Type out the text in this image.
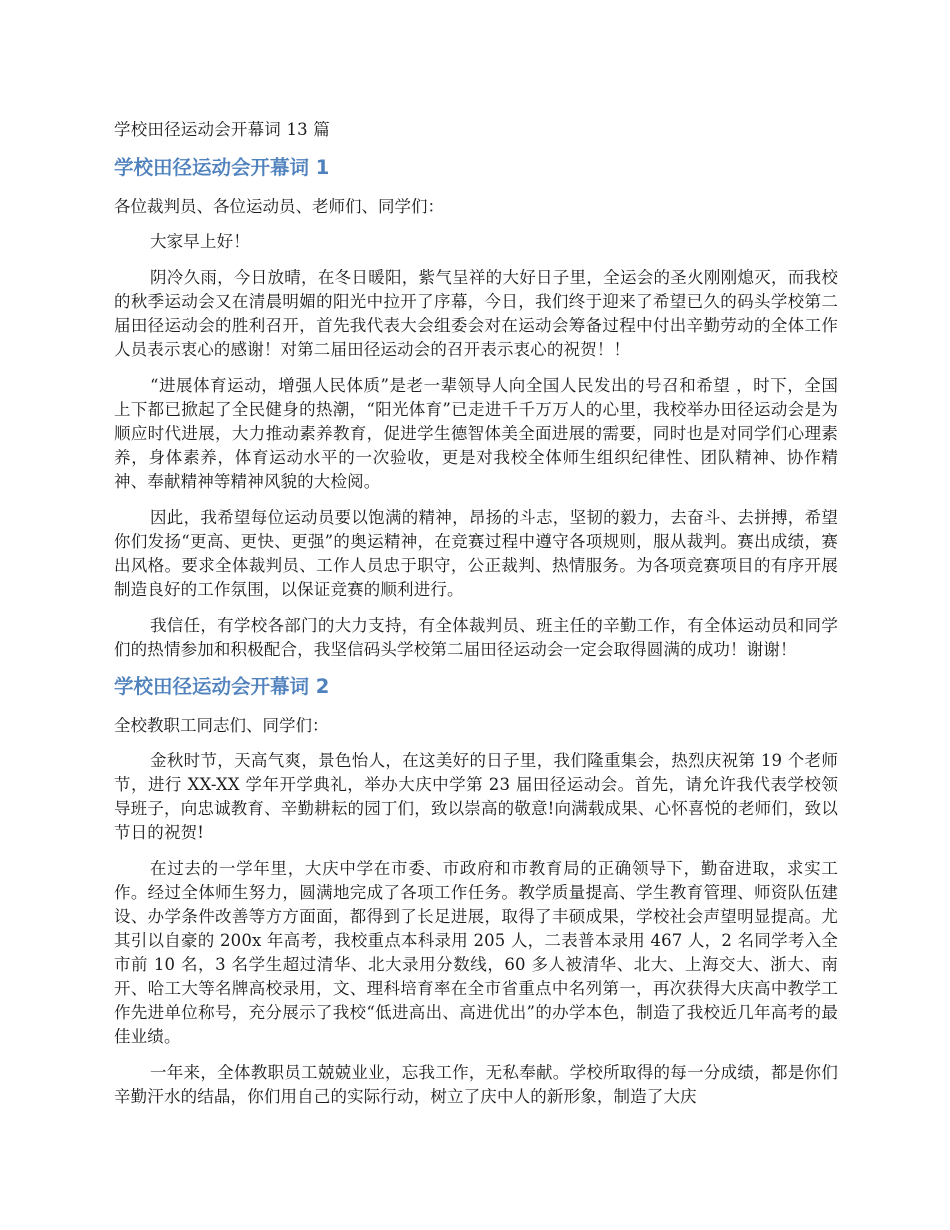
学校田径运动会开幕词 13 篇
学校田径运动会开幕词 1
各位裁判员、各位运动员、老师们、同学们：

大家早上好！

阴冷久雨，今日放晴，在冬日暖阳，紫气呈祥的大好日子里，全运会的圣火刚刚熄灭，而我校的秋季运动会又在清晨明媚的阳光中拉开了序幕，今日，我们终于迎来了希望已久的码头学校第二届田径运动会的胜利召开，首先我代表大会组委会对在运动会筹备过程中付出辛勤劳动的全体工作人员表示衷心的感谢！对第二届田径运动会的召开表示衷心的祝贺！！

“进展体育运动，增强人民体质”是老一辈领导人向全国人民发出的号召和希望 ，时下，全国上下都已掀起了全民健身的热潮，“阳光体育”已走进千千万万人的心里，我校举办田径运动会是为顺应时代进展，大力推动素养教育，促进学生德智体美全面进展的需要，同时也是对同学们心理素养，身体素养，体育运动水平的一次验收，更是对我校全体师生组织纪律性、团队精神、协作精神、奉献精神等精神风貌的大检阅。

因此，我希望每位运动员要以饱满的精神，昂扬的斗志，坚韧的毅力，去奋斗、去拼搏，希望你们发扬“更高、更快、更强”的奥运精神，在竞赛过程中遵守各项规则，服从裁判。赛出成绩，赛出风格。要求全体裁判员、工作人员忠于职守，公正裁判、热情服务。为各项竞赛项目的有序开展制造良好的工作氛围，以保证竞赛的顺利进行。

我信任，有学校各部门的大力支持，有全体裁判员、班主任的辛勤工作，有全体运动员和同学们的热情参加和积极配合，我坚信码头学校第二届田径运动会一定会取得圆满的成功！谢谢！

学校田径运动会开幕词 2
全校教职工同志们、同学们：

金秋时节，天高气爽，景色怡人，在这美好的日子里，我们隆重集会，热烈庆祝第 19 个老师节，进行 XX-XX 学年开学典礼，举办大庆中学第 23 届田径运动会。首先，请允许我代表学校领导班子，向忠诚教育、辛勤耕耘的园丁们，致以崇高的敬意!向满载成果、心怀喜悦的老师们，致以节日的祝贺!

在过去的一学年里，大庆中学在市委、市政府和市教育局的正确领导下，勤奋进取，求实工作。经过全体师生努力，圆满地完成了各项工作任务。教学质量提高、学生教育管理、师资队伍建设、办学条件改善等方方面面，都得到了长足进展，取得了丰硕成果，学校社会声望明显提高。尤其引以自豪的 200x 年高考，我校重点本科录用 205 人，二表普本录用 467 人，2 名同学考入全市前 10 名，3 名学生超过清华、北大录用分数线，60 多人被清华、北大、上海交大、浙大、南开、哈工大等名牌高校录用，文、理科培育率在全市省重点中名列第一，再次获得大庆高中教学工作先进单位称号，充分展示了我校“低进高出、高进优出”的办学本色，制造了我校近几年高考的最佳业绩。

一年来，全体教职员工兢兢业业，忘我工作，无私奉献。学校所取得的每一分成绩，都是你们辛勤汗水的结晶，你们用自己的实际行动，树立了庆中人的新形象，制造了大庆
